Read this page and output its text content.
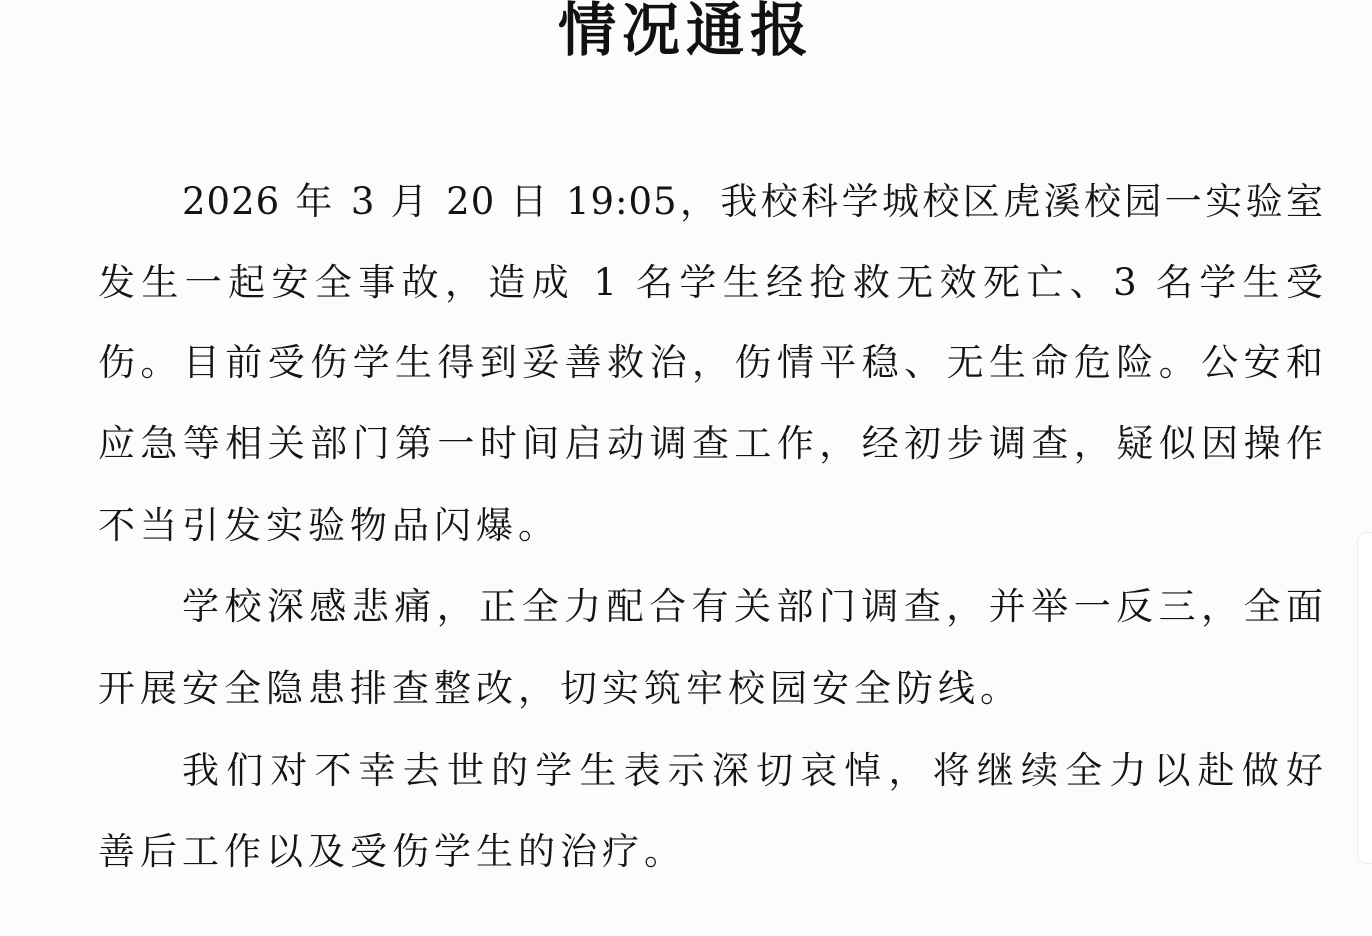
情况通报

2026 年 3 月 20 日 19:05，我校科学城校区虎溪校园一实验室

发生一起安全事故，造成 1 名学生经抢救无效死亡、3 名学生受

伤。目前受伤学生得到妥善救治，伤情平稳、无生命危险。公安和

应急等相关部门第一时间启动调查工作，经初步调查，疑似因操作

不当引发实验物品闪爆。

学校深感悲痛，正全力配合有关部门调查，并举一反三，全面

开展安全隐患排查整改，切实筑牢校园安全防线。

我们对不幸去世的学生表示深切哀悼，将继续全力以赴做好

善后工作以及受伤学生的治疗。
